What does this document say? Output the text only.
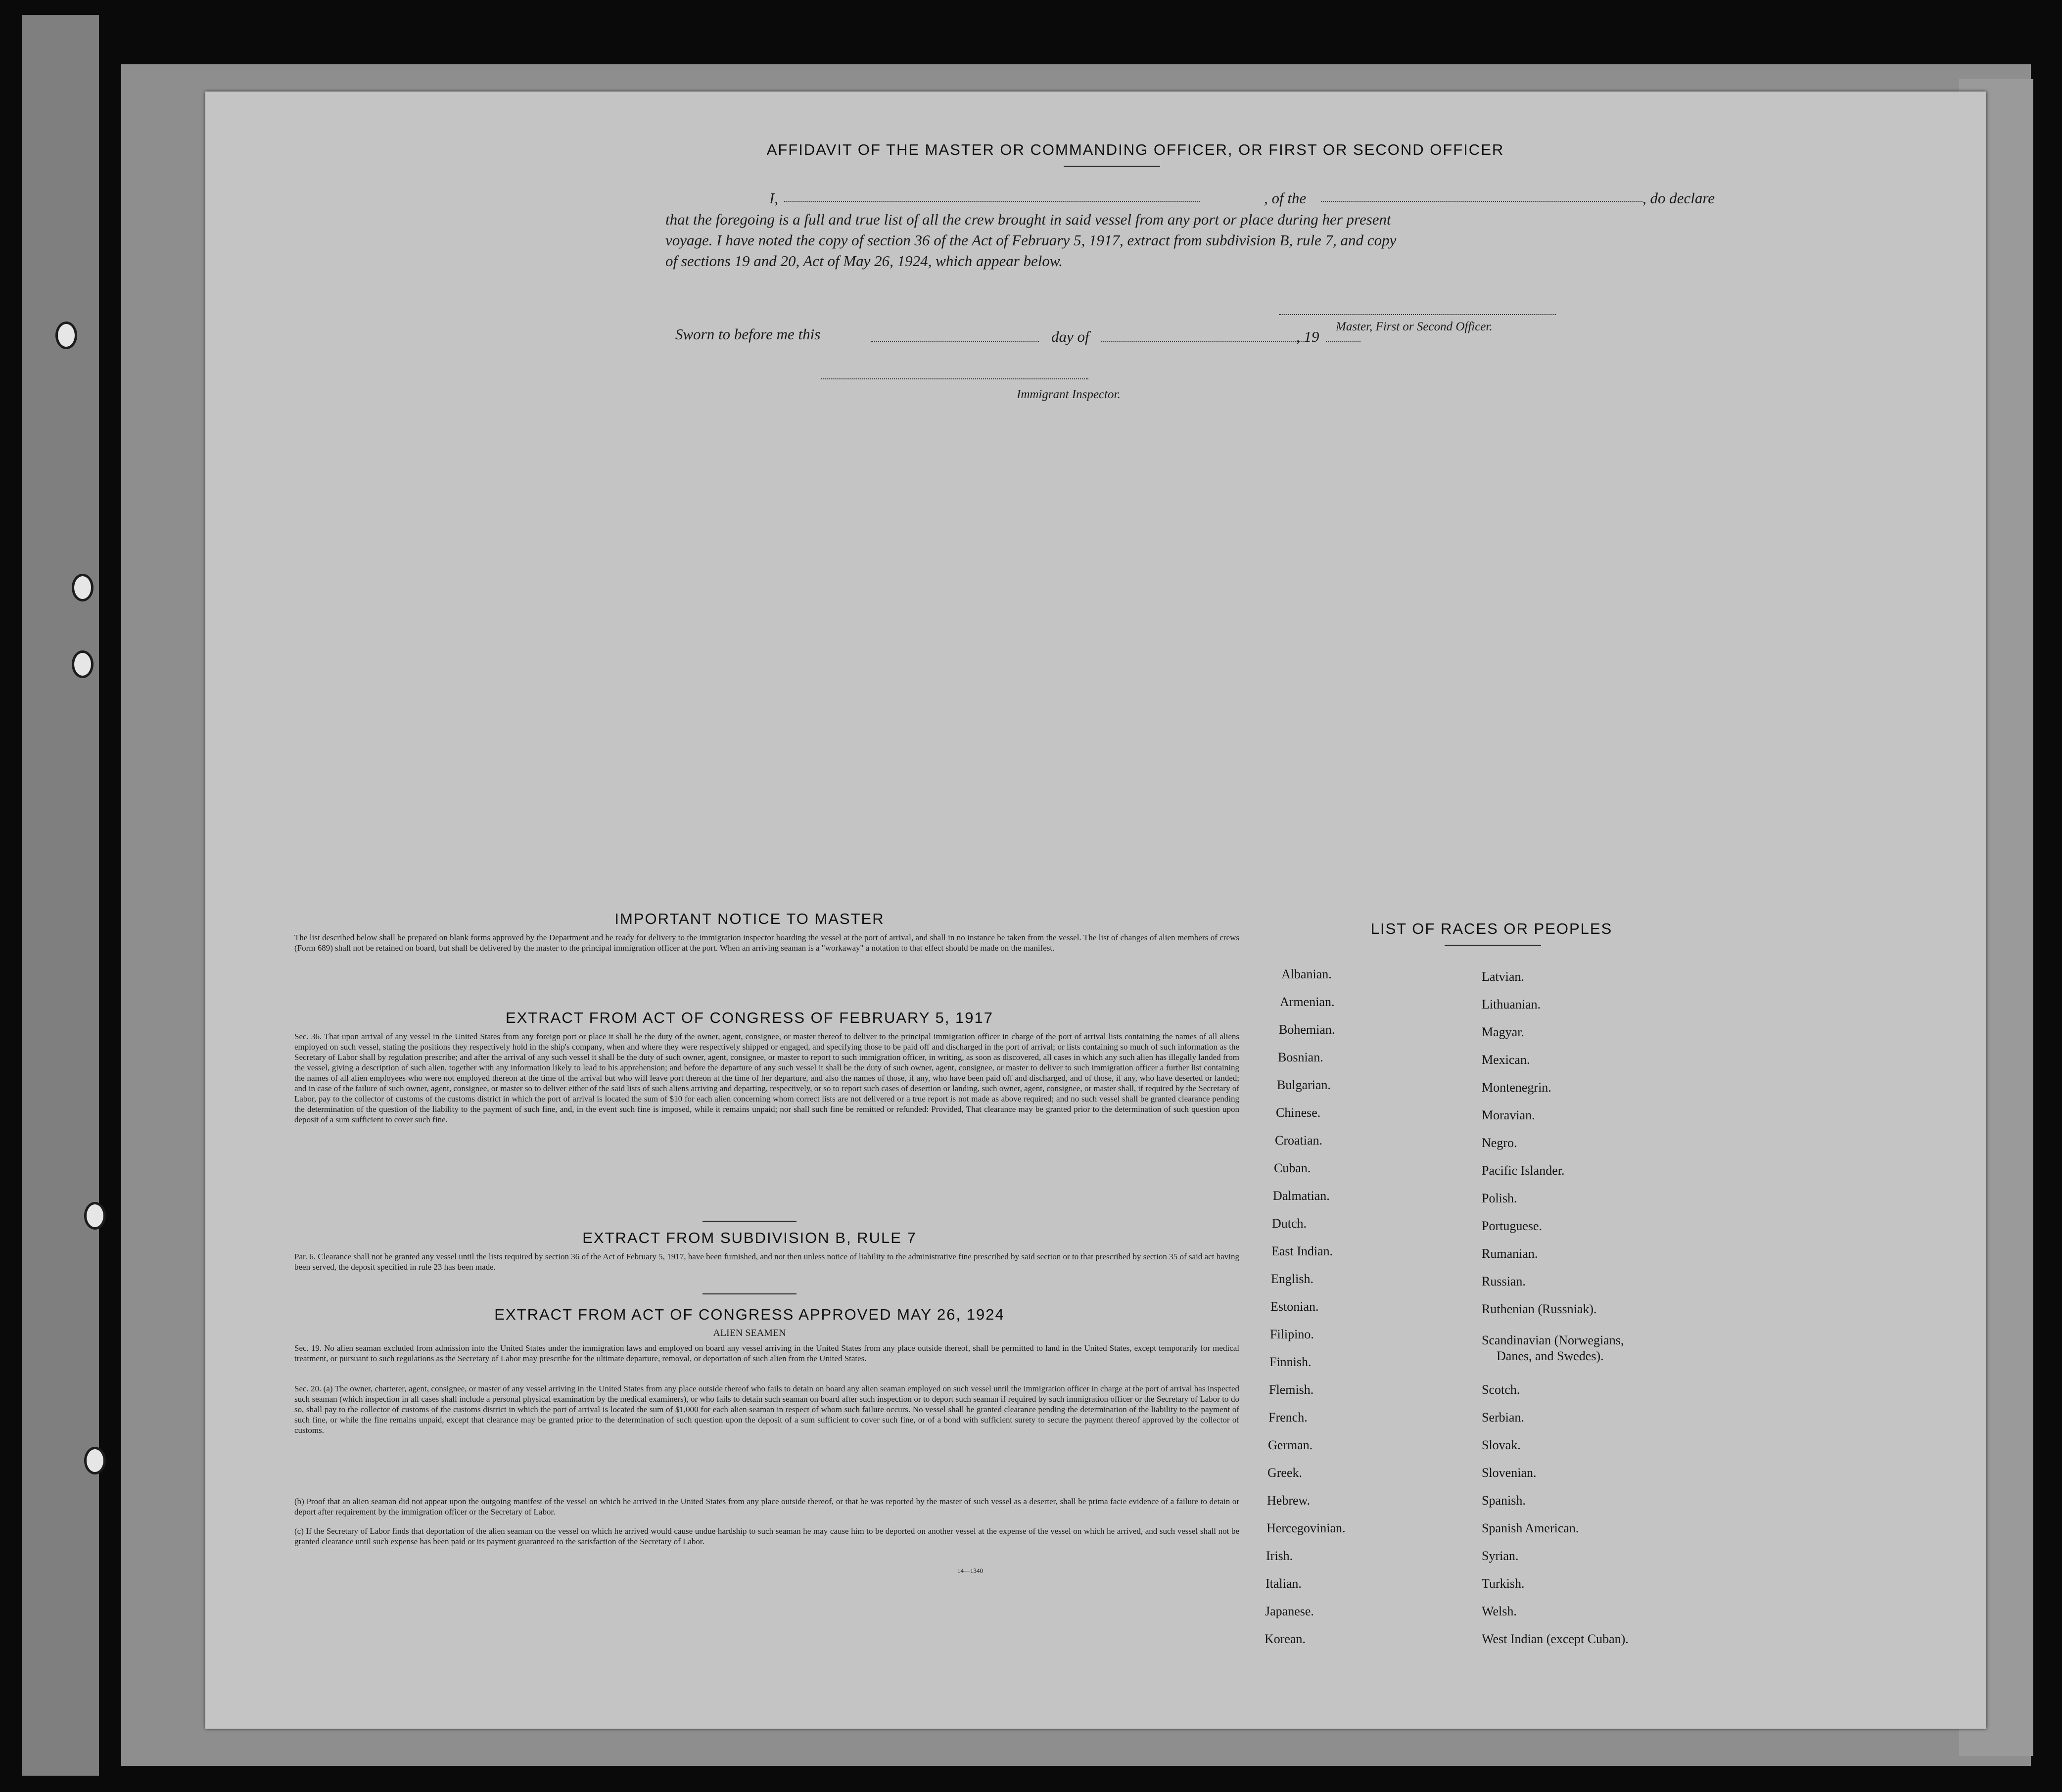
AFFIDAVIT OF THE MASTER OR COMMANDING OFFICER, OR FIRST OR SECOND OFFICER
I,	, of the	, do declare
that the foregoing is a full and true list of all the crew brought in said vessel from any port or place during her present
voyage. I have noted the copy of section 36 of the Act of February 5, 1917, extract from subdivision B, rule 7, and copy
of sections 19 and 20, Act of May 26, 1924, which appear below.
Master, First or Second Officer.
Sworn to before me this	day of	, 19
Immigrant Inspector.
IMPORTANT NOTICE TO MASTER
The list described below shall be prepared on blank forms approved by the Department and be ready for delivery to the immigration inspector boarding the vessel at the port of arrival, and shall in no instance be taken from the vessel. The list of changes of alien members of crews (Form 689) shall not be retained on board, but shall be delivered by the master to the principal immigration officer at the port. When an arriving seaman is a "workaway" a notation to that effect should be made on the manifest.
EXTRACT FROM ACT OF CONGRESS OF FEBRUARY 5, 1917
Sec. 36. That upon arrival of any vessel in the United States from any foreign port or place it shall be the duty of the owner, agent, consignee, or master thereof to deliver to the principal immigration officer in charge of the port of arrival lists containing the names of all aliens employed on such vessel, stating the positions they respectively hold in the ship's company, when and where they were respectively shipped or engaged, and specifying those to be paid off and discharged in the port of arrival; or lists containing so much of such information as the Secretary of Labor shall by regulation prescribe; and after the arrival of any such vessel it shall be the duty of such owner, agent, consignee, or master to report to such immigration officer, in writing, as soon as discovered, all cases in which any such alien has illegally landed from the vessel, giving a description of such alien, together with any information likely to lead to his apprehension; and before the departure of any such vessel it shall be the duty of such owner, agent, consignee, or master to deliver to such immigration officer a further list containing the names of all alien employees who were not employed thereon at the time of the arrival but who will leave port thereon at the time of her departure, and also the names of those, if any, who have been paid off and discharged, and of those, if any, who have deserted or landed; and in case of the failure of such owner, agent, consignee, or master so to deliver either of the said lists of such aliens arriving and departing, respectively, or so to report such cases of desertion or landing, such owner, agent, consignee, or master shall, if required by the Secretary of Labor, pay to the collector of customs of the customs district in which the port of arrival is located the sum of $10 for each alien concerning whom correct lists are not delivered or a true report is not made as above required; and no such vessel shall be granted clearance pending the determination of the question of the liability to the payment of such fine, and, in the event such fine is imposed, while it remains unpaid; nor shall such fine be remitted or refunded: Provided, That clearance may be granted prior to the determination of such question upon deposit of a sum sufficient to cover such fine.
EXTRACT FROM SUBDIVISION B, RULE 7
Par. 6. Clearance shall not be granted any vessel until the lists required by section 36 of the Act of February 5, 1917, have been furnished, and not then unless notice of liability to the administrative fine prescribed by said section or to that prescribed by section 35 of said act having been served, the deposit specified in rule 23 has been made.
EXTRACT FROM ACT OF CONGRESS APPROVED MAY 26, 1924
ALIEN SEAMEN
Sec. 19. No alien seaman excluded from admission into the United States under the immigration laws and employed on board any vessel arriving in the United States from any place outside thereof, shall be permitted to land in the United States, except temporarily for medical treatment, or pursuant to such regulations as the Secretary of Labor may prescribe for the ultimate departure, removal, or deportation of such alien from the United States.
Sec. 20. (a) The owner, charterer, agent, consignee, or master of any vessel arriving in the United States from any place outside thereof who fails to detain on board any alien seaman employed on such vessel until the immigration officer in charge at the port of arrival has inspected such seaman (which inspection in all cases shall include a personal physical examination by the medical examiners), or who fails to detain such seaman on board after such inspection or to deport such seaman if required by such immigration officer or the Secretary of Labor to do so, shall pay to the collector of customs of the customs district in which the port of arrival is located the sum of $1,000 for each alien seaman in respect of whom such failure occurs. No vessel shall be granted clearance pending the determination of the liability to the payment of such fine, or while the fine remains unpaid, except that clearance may be granted prior to the determination of such question upon the deposit of a sum sufficient to cover such fine, or of a bond with sufficient surety to secure the payment thereof approved by the collector of customs.
(b) Proof that an alien seaman did not appear upon the outgoing manifest of the vessel on which he arrived in the United States from any place outside thereof, or that he was reported by the master of such vessel as a deserter, shall be prima facie evidence of a failure to detain or deport after requirement by the immigration officer or the Secretary of Labor.
(c) If the Secretary of Labor finds that deportation of the alien seaman on the vessel on which he arrived would cause undue hardship to such seaman he may cause him to be deported on another vessel at the expense of the vessel on which he arrived, and such vessel shall not be granted clearance until such expense has been paid or its payment guaranteed to the satisfaction of the Secretary of Labor.
14—1340
LIST OF RACES OR PEOPLES
Albanian.
Armenian.
Bohemian.
Bosnian.
Bulgarian.
Chinese.
Croatian.
Cuban.
Dalmatian.
Dutch.
East Indian.
English.
Estonian.
Filipino.
Finnish.
Flemish.
French.
German.
Greek.
Hebrew.
Hercegovinian.
Irish.
Italian.
Japanese.
Korean.
Latvian.
Lithuanian.
Magyar.
Mexican.
Montenegrin.
Moravian.
Negro.
Pacific Islander.
Polish.
Portuguese.
Rumanian.
Russian.
Ruthenian (Russniak).
Scandinavian (Norwegians,
Danes, and Swedes).
Scotch.
Serbian.
Slovak.
Slovenian.
Spanish.
Spanish American.
Syrian.
Turkish.
Welsh.
West Indian (except Cuban).
